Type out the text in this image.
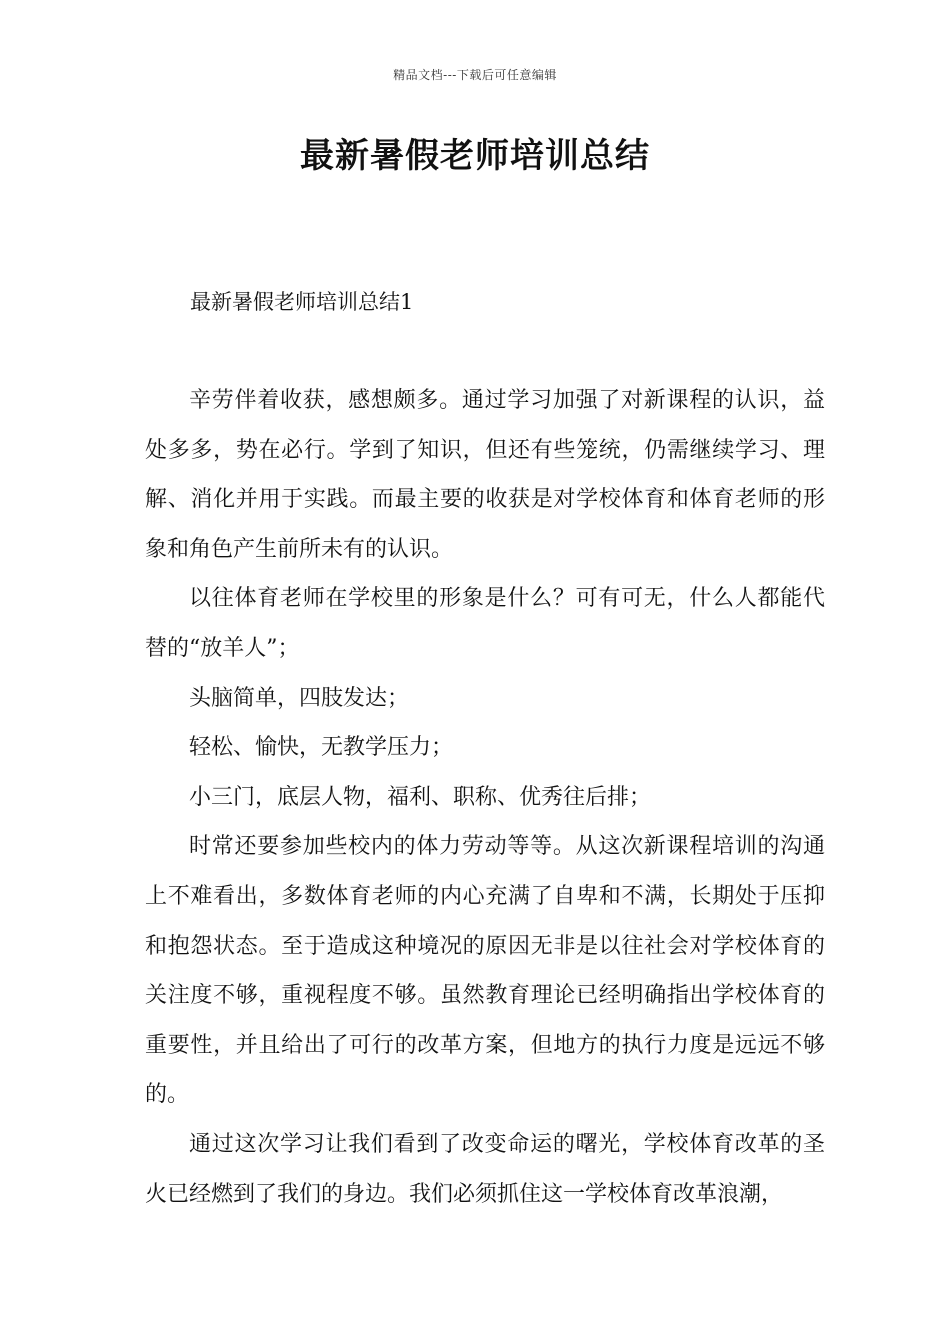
精品文档---下载后可任意编辑
最新暑假老师培训总结
最新暑假老师培训总结1

辛劳伴着收获，感想颇多。通过学习加强了对新课程的认识，益处多多，势在必行。学到了知识，但还有些笼统，仍需继续学习、理解、消化并用于实践。而最主要的收获是对学校体育和体育老师的形象和角色产生前所未有的认识。

以往体育老师在学校里的形象是什么？可有可无，什么人都能代替的“放羊人”；

头脑简单，四肢发达；

轻松、愉快，无教学压力；

小三门，底层人物，福利、职称、优秀往后排；

时常还要参加些校内的体力劳动等等。从这次新课程培训的沟通上不难看出，多数体育老师的内心充满了自卑和不满，长期处于压抑和抱怨状态。至于造成这种境况的原因无非是以往社会对学校体育的关注度不够，重视程度不够。虽然教育理论已经明确指出学校体育的重要性，并且给出了可行的改革方案，但地方的执行力度是远远不够的。

通过这次学习让我们看到了改变命运的曙光，学校体育改革的圣火已经燃到了我们的身边。我们必须抓住这一学校体育改革浪潮，
